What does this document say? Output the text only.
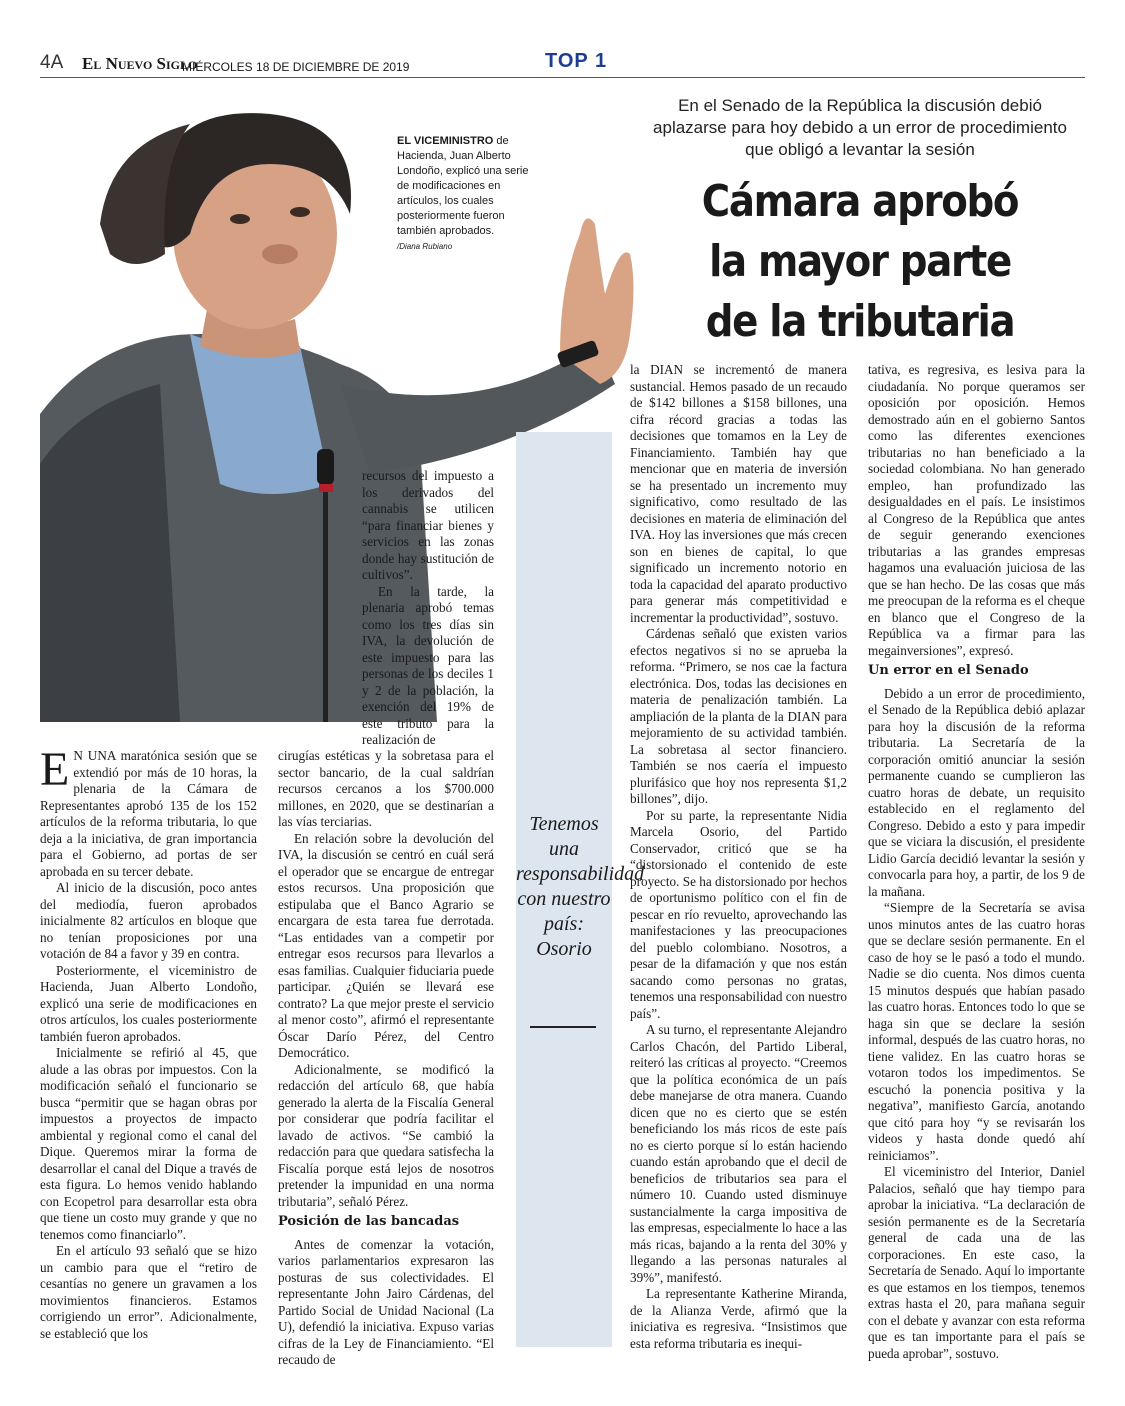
4A El Nuevo Siglo
MIÉRCOLES 18 DE DICIEMBRE DE 2019	TOP 1
EL VICEMINISTRO de Hacienda, Juan Alberto Londoño, explicó una serie de modificaciones en artículos, los cuales posteriormente fueron también aprobados.
/Diana Rubiano
En el Senado de la República la discusión debió aplazarse para hoy debido a un error de procedimiento que obligó a levantar la sesión
Cámara aprobó
la mayor parte
de la tributaria
Tenemos una responsabilidad con nuestro país: Osorio
E N UNA maratónica sesión que se extendió por más de 10 horas, la plenaria de la Cámara de Representantes aprobó 135 de los 152 artículos de la reforma tributaria, lo que deja a la iniciativa, de gran importancia para el Gobierno, ad portas de ser aprobada en su tercer debate.

Al inicio de la discusión, poco antes del mediodía, fueron aprobados inicialmente 82 artículos en bloque que no tenían proposiciones por una votación de 84 a favor y 39 en contra.

Posteriormente, el viceministro de Hacienda, Juan Alberto Londoño, explicó una serie de modificaciones en otros artículos, los cuales posteriormente también fueron aprobados.

Inicialmente se refirió al 45, que alude a las obras por impuestos. Con la modificación señaló el funcionario se busca “permitir que se hagan obras por impuestos a proyectos de impacto ambiental y regional como el canal del Dique. Queremos mirar la forma de desarrollar el canal del Dique a través de esta figura. Lo hemos venido hablando con Ecopetrol para desarrollar esta obra que tiene un costo muy grande y que no tenemos como financiarlo”.

En el artículo 93 señaló que se hizo un cambio para que el “retiro de cesantías no genere un gravamen a los movimientos financieros. Estamos corrigiendo un error”. Adicionalmente, se estableció que los

recursos del impuesto a los derivados del cannabis se utilicen “para financiar bienes y servicios en las zonas donde hay sustitución de cultivos”.

En la tarde, la plenaria aprobó temas como los tres días sin IVA, la devolución de este impuesto para las personas de los deciles 1 y 2 de la población, la exención del 19% de este tributo para la realización de

cirugías estéticas y la sobretasa para el sector bancario, de la cual saldrían recursos cercanos a los $700.000 millones, en 2020, que se destinarían a las vías terciarias.

En relación sobre la devolución del IVA, la discusión se centró en cuál será el operador que se encargue de entregar estos recursos. Una proposición que estipulaba que el Banco Agrario se encargara de esta tarea fue derrotada. “Las entidades van a competir por entregar esos recursos para llevarlos a esas familias. Cualquier fiduciaria puede participar. ¿Quién se llevará ese contrato? La que mejor preste el servicio al menor costo”, afirmó el representante Óscar Darío Pérez, del Centro Democrático.

Adicionalmente, se modificó la redacción del artículo 68, que había generado la alerta de la Fiscalía General por considerar que podría facilitar el lavado de activos. “Se cambió la redacción para que quedara satisfecha la Fiscalía porque está lejos de nosotros pretender la impunidad en una norma tributaria”, señaló Pérez.

Posición de las bancadas

Antes de comenzar la votación, varios parlamentarios expresaron las posturas de sus colectividades. El representante John Jairo Cárdenas, del Partido Social de Unidad Nacional (La U), defendió la iniciativa. Expuso varias cifras de la Ley de Financiamiento. “El recaudo de

la DIAN se incrementó de manera sustancial. Hemos pasado de un recaudo de $142 billones a $158 billones, una cifra récord gracias a todas las decisiones que tomamos en la Ley de Financiamiento. También hay que mencionar que en materia de inversión se ha presentado un incremento muy significativo, como resultado de las decisiones en materia de eliminación del IVA. Hoy las inversiones que más crecen son en bienes de capital, lo que significado un incremento notorio en toda la capacidad del aparato productivo para generar más competitividad e incrementar la productividad”, sostuvo.

Cárdenas señaló que existen varios efectos negativos si no se aprueba la reforma. “Primero, se nos cae la factura electrónica. Dos, todas las decisiones en materia de penalización también. La ampliación de la planta de la DIAN para mejoramiento de su actividad también. La sobretasa al sector financiero. También se nos caería el impuesto plurifásico que hoy nos representa $1,2 billones”, dijo.

Por su parte, la representante Nidia Marcela Osorio, del Partido Conservador, criticó que se ha “distorsionado el contenido de este proyecto. Se ha distorsionado por hechos de oportunismo político con el fin de pescar en río revuelto, aprovechando las manifestaciones y las preocupaciones del pueblo colombiano. Nosotros, a pesar de la difamación y que nos están sacando como personas no gratas, tenemos una responsabilidad con nuestro país”.

A su turno, el representante Alejandro Carlos Chacón, del Partido Liberal, reiteró las críticas al proyecto. “Creemos que la política económica de un país debe manejarse de otra manera. Cuando dicen que no es cierto que se estén beneficiando los más ricos de este país no es cierto porque sí lo están haciendo cuando están aprobando que el decil de beneficios de tributarios sea para el número 10. Cuando usted disminuye sustancialmente la carga impositiva de las empresas, especialmente lo hace a las más ricas, bajando a la renta del 30% y llegando a las personas naturales al 39%”, manifestó.

La representante Katherine Miranda, de la Alianza Verde, afirmó que la iniciativa es regresiva. “Insistimos que esta reforma tributaria es inequi-

tativa, es regresiva, es lesiva para la ciudadanía. No porque queramos ser oposición por oposición. Hemos demostrado aún en el gobierno Santos como las diferentes exenciones tributarias no han beneficiado a la sociedad colombiana. No han generado empleo, han profundizado las desigualdades en el país. Le insistimos al Congreso de la República que antes de seguir generando exenciones tributarias a las grandes empresas hagamos una evaluación juiciosa de las que se han hecho. De las cosas que más me preocupan de la reforma es el cheque en blanco que el Congreso de la República va a firmar para las megainversiones”, expresó.

Un error en el Senado

Debido a un error de procedimiento, el Senado de la República debió aplazar para hoy la discusión de la reforma tributaria. La Secretaría de la corporación omitió anunciar la sesión permanente cuando se cumplieron las cuatro horas de debate, un requisito establecido en el reglamento del Congreso. Debido a esto y para impedir que se viciara la discusión, el presidente Lidio García decidió levantar la sesión y convocarla para hoy, a partir, de los 9 de la mañana.

“Siempre de la Secretaría se avisa unos minutos antes de las cuatro horas que se declare sesión permanente. En el caso de hoy se le pasó a todo el mundo. Nadie se dio cuenta. Nos dimos cuenta 15 minutos después que habían pasado las cuatro horas. Entonces todo lo que se haga sin que se declare la sesión informal, después de las cuatro horas, no tiene validez. En las cuatro horas se votaron todos los impedimentos. Se escuchó la ponencia positiva y la negativa”, manifiesto García, anotando que citó para hoy “y se revisarán los videos y hasta donde quedó ahí reiniciamos”.

El viceministro del Interior, Daniel Palacios, señaló que hay tiempo para aprobar la iniciativa. “La declaración de sesión permanente es de la Secretaría general de cada una de las corporaciones. En este caso, la Secretaría de Senado. Aquí lo importante es que estamos en los tiempos, tenemos extras hasta el 20, para mañana seguir con el debate y avanzar con esta reforma que es tan importante para el país se pueda aprobar”, sostuvo.
